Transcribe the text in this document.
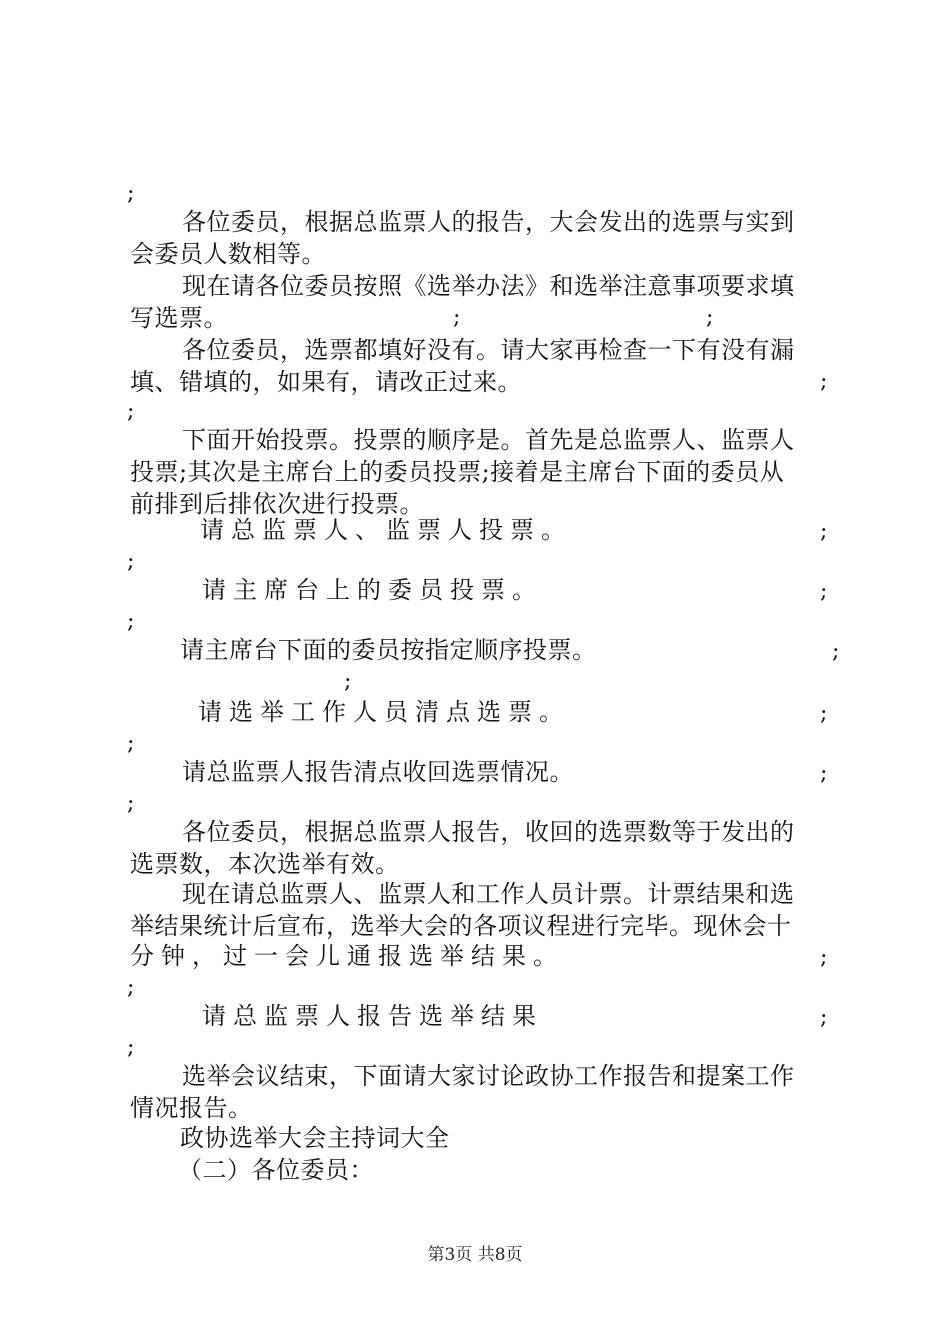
;
各位委员，根据总监票人的报告，大会发出的选票与实到
会委员人数相等。
现在请各位委员按照《选举办法》和选举注意事项要求填
写选票。	;	;
各位委员，选票都填好没有。请大家再检查一下有没有漏
填、错填的，如果有，请改正过来。	;
;
下面开始投票。投票的顺序是。首先是总监票人、监票人
投票;其次是主席台上的委员投票;接着是主席台下面的委员从
前排到后排依次进行投票。
请总监票人、监票人投票。	;
;
请主席台上的委员投票。	;
;
请主席台下面的委员按指定顺序投票。	;
;
请选举工作人员清点选票。	;
;
请总监票人报告清点收回选票情况。	;
;
各位委员，根据总监票人报告，收回的选票数等于发出的
选票数，本次选举有效。
现在请总监票人、监票人和工作人员计票。计票结果和选
举结果统计后宣布，选举大会的各项议程进行完毕。现休会十
分钟，过一会儿通报选举结果。	;
;
请总监票人报告选举结果	;
;
选举会议结束，下面请大家讨论政协工作报告和提案工作
情况报告。
政协选举大会主持词大全
（二）各位委员：
第3页 共8页
